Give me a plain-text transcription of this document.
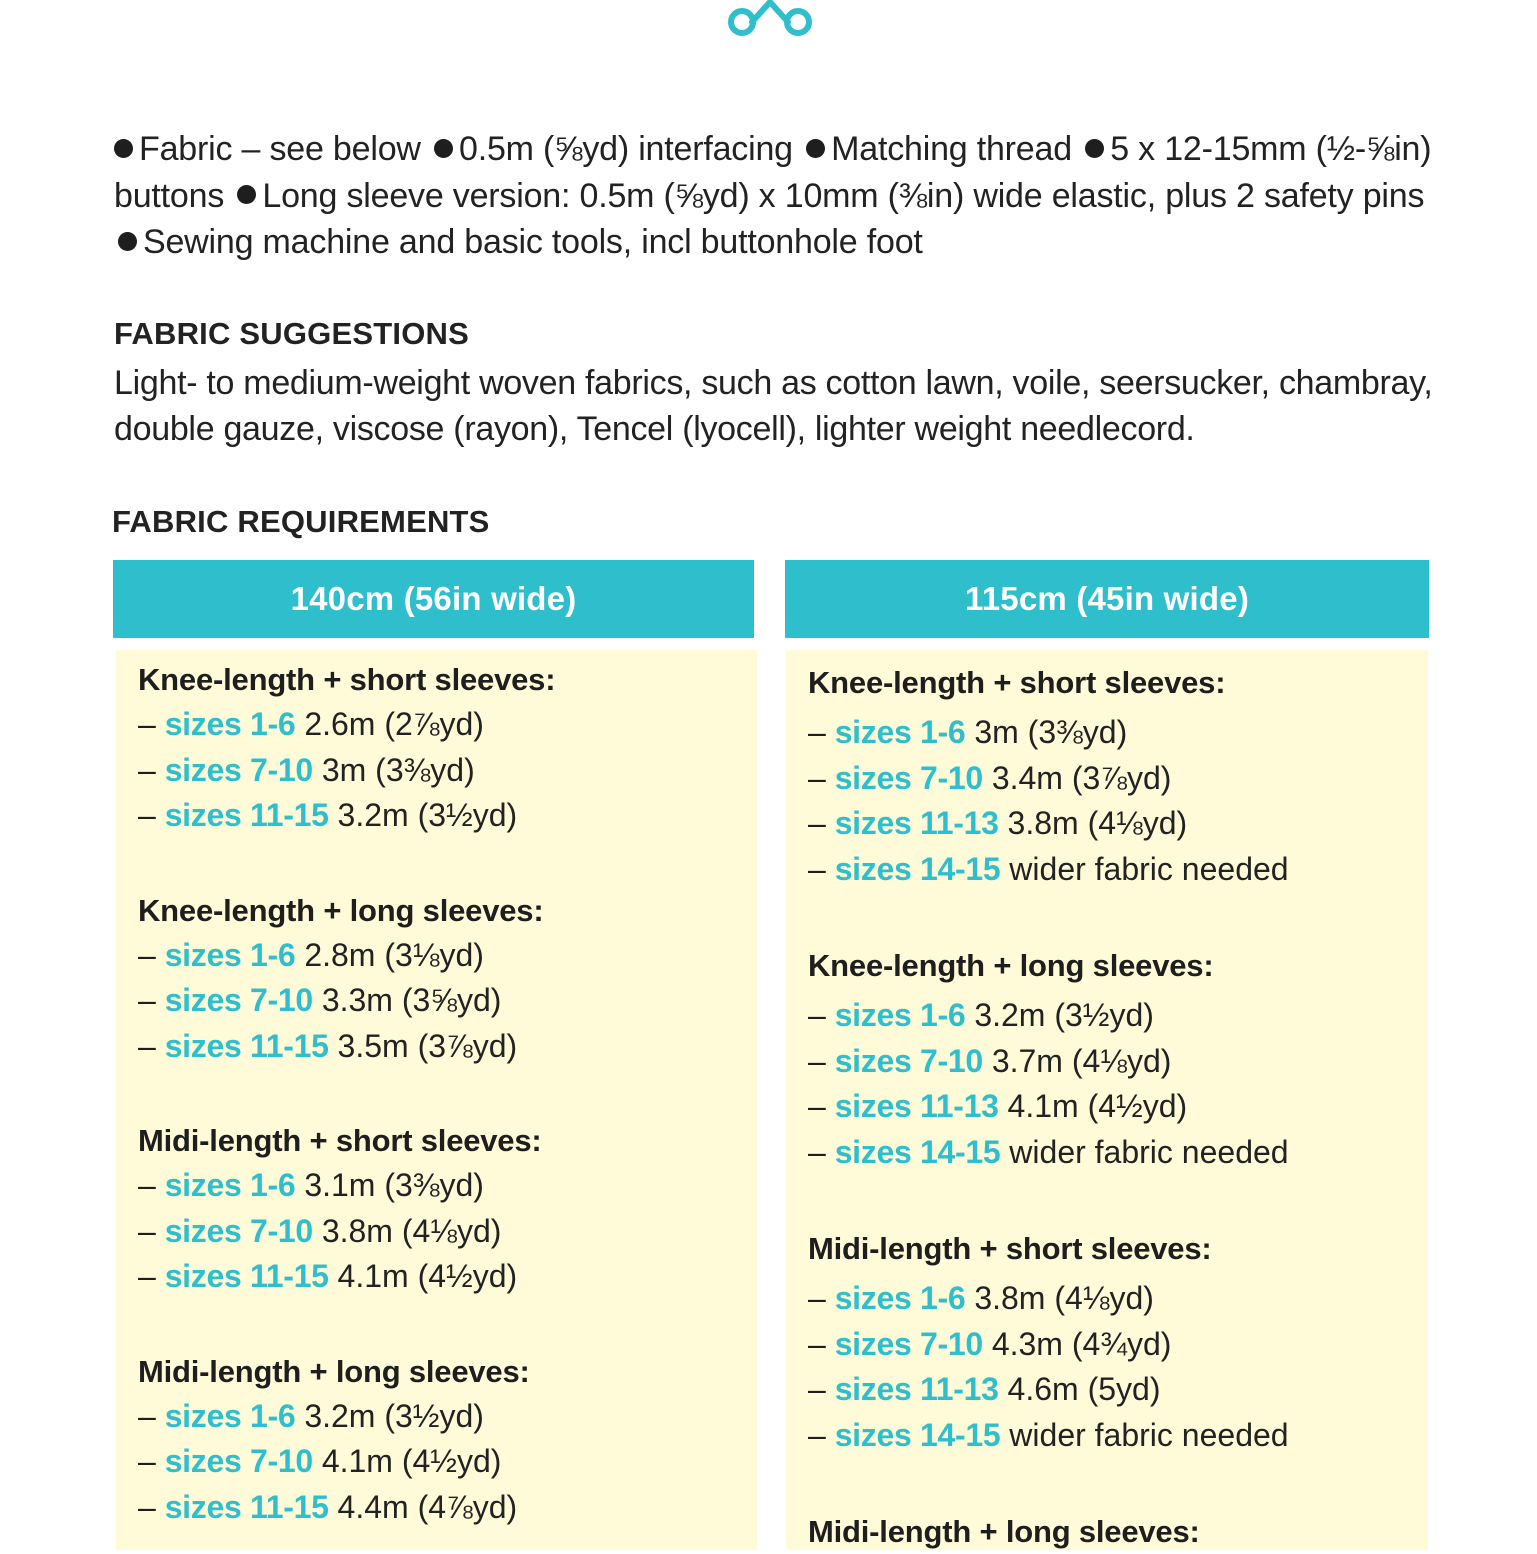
Fabric – see below 0.5m (⅝yd) interfacing Matching thread 5 x 12-15mm (½-⅝in) buttons Long sleeve version: 0.5m (⅝yd) x 10mm (⅜in) wide elastic, plus 2 safety pins Sewing machine and basic tools, incl buttonhole foot
FABRIC SUGGESTIONS
Light- to medium-weight woven fabrics, such as cotton lawn, voile, seersucker, chambray, double gauze, viscose (rayon), Tencel (lyocell), lighter weight needlecord.
FABRIC REQUIREMENTS
140cm (56in wide)	115cm (45in wide)
Knee-length + short sleeves:
– sizes 1-6 2.6m (2⅞yd)
– sizes 7-10 3m (3⅜yd)
– sizes 11-15 3.2m (3½yd)
Knee-length + long sleeves:
– sizes 1-6 2.8m (3⅛yd)
– sizes 7-10 3.3m (3⅝yd)
– sizes 11-15 3.5m (3⅞yd)
Midi-length + short sleeves:
– sizes 1-6 3.1m (3⅜yd)
– sizes 7-10 3.8m (4⅛yd)
– sizes 11-15 4.1m (4½yd)
Midi-length + long sleeves:
– sizes 1-6 3.2m (3½yd)
– sizes 7-10 4.1m (4½yd)
– sizes 11-15 4.4m (4⅞yd)
Knee-length + short sleeves:
– sizes 1-6 3m (3⅜yd)
– sizes 7-10 3.4m (3⅞yd)
– sizes 11-13 3.8m (4⅛yd)
– sizes 14-15 wider fabric needed
Knee-length + long sleeves:
– sizes 1-6 3.2m (3½yd)
– sizes 7-10 3.7m (4⅛yd)
– sizes 11-13 4.1m (4½yd)
– sizes 14-15 wider fabric needed
Midi-length + short sleeves:
– sizes 1-6 3.8m (4⅛yd)
– sizes 7-10 4.3m (4¾yd)
– sizes 11-13 4.6m (5yd)
– sizes 14-15 wider fabric needed
Midi-length + long sleeves:
